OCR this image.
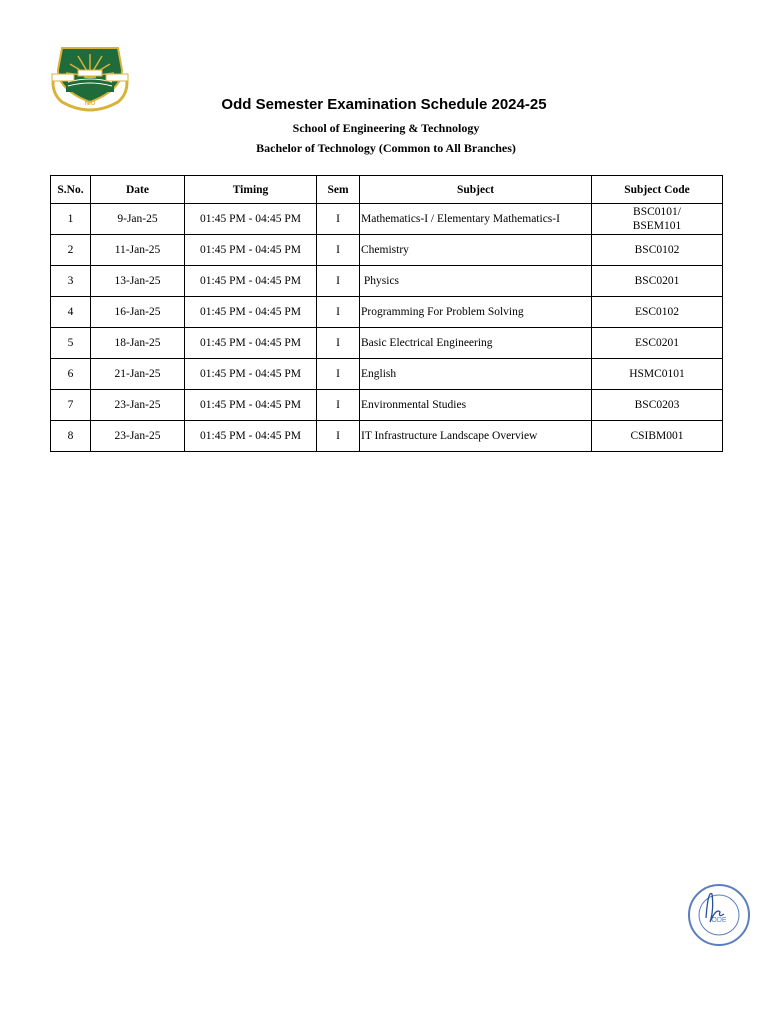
NIU	Odd Semester Examination Schedule 2024-25
School of Engineering & Technology
Bachelor of Technology (Common to All Branches)
S.No.	Date	Timing	Sem	Subject	Subject Code
1	9-Jan-25	01:45 PM - 04:45 PM	I	Mathematics-I / Elementary Mathematics-I	BSC0101/
BSEM101

2	11-Jan-25	01:45 PM - 04:45 PM	I	Chemistry	BSC0102
3	13-Jan-25	01:45 PM - 04:45 PM	I	Physics	BSC0201
4	16-Jan-25	01:45 PM - 04:45 PM	I	Programming For Problem Solving	ESC0102
5	18-Jan-25	01:45 PM - 04:45 PM	I	Basic Electrical Engineering	ESC0201
6	21-Jan-25	01:45 PM - 04:45 PM	I	English	HSMC0101
7	23-Jan-25	01:45 PM - 04:45 PM	I	Environmental Studies	BSC0203
8	23-Jan-25	01:45 PM - 04:45 PM	I	IT Infrastructure Landscape Overview	CSIBM001
ODE
